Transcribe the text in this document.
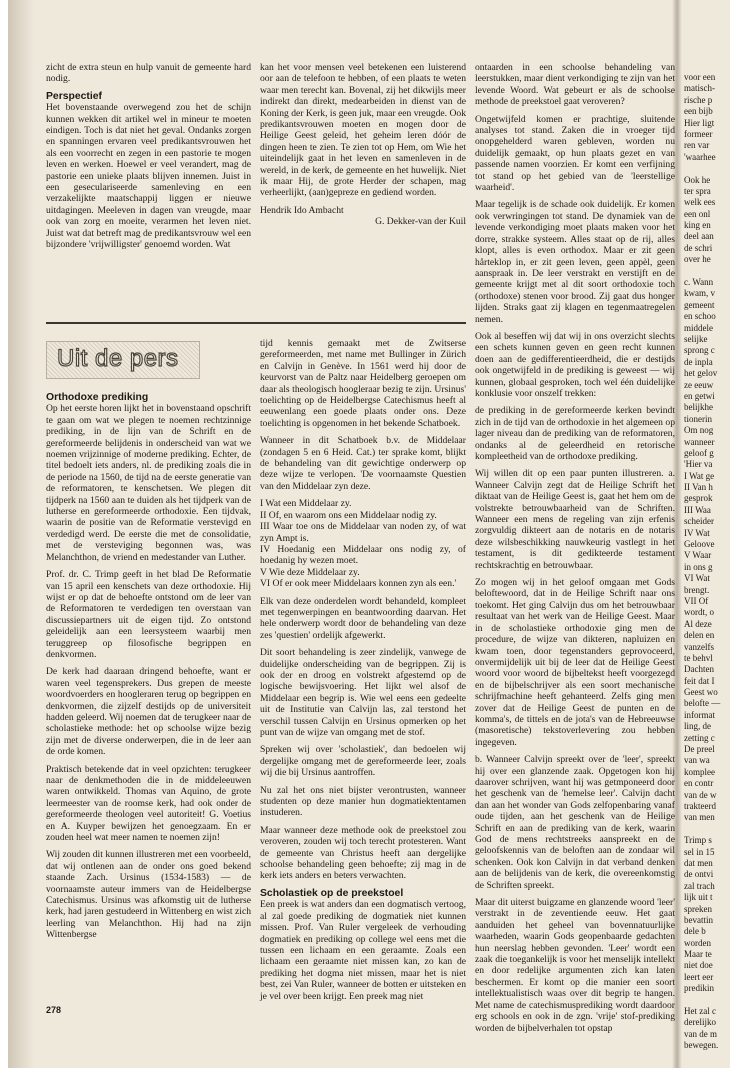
zicht de extra steun en hulp vanuit de gemeente hard nodig.

Perspectief

Het bovenstaande overwegend zou het de schijn kunnen wekken dit artikel wel in mineur te moeten eindigen. Toch is dat niet het geval. Ondanks zorgen en spanningen ervaren veel predikantsvrouwen het als een voorrecht en zegen in een pastorie te mogen leven en werken. Hoewel er veel verandert, mag de pastorie een unieke plaats blijven innemen. Juist in een geseculariseerde samenleving en een verzakelijkte maatschappij liggen er nieuwe uitdagingen. Meeleven in dagen van vreugde, maar ook van zorg en moeite, verarmen het leven niet. Juist wat dat betreft mag de predikantsvrouw wel een bijzondere 'vrijwilligster' genoemd worden. Wat

kan het voor mensen veel betekenen een luisterend oor aan de telefoon te hebben, of een plaats te weten waar men terecht kan. Bovenal, zij het dikwijls meer indirekt dan direkt, medearbeiden in dienst van de Koning der Kerk, is geen juk, maar een vreugde. Ook predikantsvrouwen moeten en mogen door de Heilige Geest geleid, het geheim leren dóór de dingen heen te zien. Te zien tot op Hem, om Wie het uiteindelijk gaat in het leven en samenleven in de wereld, in de kerk, de gemeente en het huwelijk. Niet ik maar Hij, de grote Herder der schapen, mag verheerlijkt, (aan)gepreze en gediend worden.

Hendrik Ido Ambacht

G. Dekker-van der Kuil

Uit de pers
Orthodoxe prediking

Op het eerste horen lijkt het in bovenstaand opschrift te gaan om wat we plegen te noemen rechtzinnige prediking, in de lijn van de Schrift en de gereformeerde belijdenis in onderscheid van wat we noemen vrijzinnige of moderne prediking. Echter, de titel bedoelt iets anders, nl. de prediking zoals die in de periode na 1560, de tijd na de eerste generatie van de reformatoren, te kenschetsen. We plegen dit tijdperk na 1560 aan te duiden als het tijdperk van de lutherse en gereformeerde orthodoxie. Een tijdvak, waarin de positie van de Reformatie verstevigd en verdedigd werd. De eerste die met de consolidatie, met de versteviging begonnen was, was Melanchthon, de vriend en medestander van Luther.

Prof. dr. C. Trimp geeft in het blad De Reformatie van 15 april een kenschets van deze orthodoxie. Hij wijst er op dat de behoefte ontstond om de leer van de Reformatoren te verdedigen ten overstaan van discussiepartners uit de eigen tijd. Zo ontstond geleidelijk aan een leersysteem waarbij men teruggreep op filosofische begrippen en denkvormen.

De kerk had daaraan dringend behoefte, want er waren veel tegensprekers. Dus grepen de meeste woordvoerders en hoogleraren terug op begrippen en denkvormen, die zijzelf destijds op de universiteit hadden geleerd. Wij noemen dat de terugkeer naar de scholastieke methode: het op schoolse wijze bezig zijn met de diverse onderwerpen, die in de leer aan de orde komen.

Praktisch betekende dat in veel opzichten: terugkeer naar de denkmethoden die in de middeleeuwen waren ontwikkeld. Thomas van Aquino, de grote leermeester van de roomse kerk, had ook onder de gereformeerde theologen veel autoriteit! G. Voetius en A. Kuyper bewijzen het genoegzaam. En er zouden heel wat meer namen te noemen zijn!

Wij zouden dit kunnen illustreren met een voorbeeld, dat wij ontlenen aan de onder ons goed bekend staande Zach. Ursinus (1534-1583) — de voornaamste auteur immers van de Heidelbergse Catechismus. Ursinus was afkomstig uit de lutherse kerk, had jaren gestudeerd in Wittenberg en wist zich leerling van Melanchthon. Hij had na zijn Wittenbergse

tijd kennis gemaakt met de Zwitserse gereformeerden, met name met Bullinger in Zürich en Calvijn in Genève. In 1561 werd hij door de keurvorst van de Paltz naar Heidelberg geroepen om daar als theologisch hoogleraar bezig te zijn. Ursinus' toelichting op de Heidelbergse Catechismus heeft al eeuwenlang een goede plaats onder ons. Deze toelichting is opgenomen in het bekende Schatboek.

Wanneer in dit Schatboek b.v. de Middelaar (zondagen 5 en 6 Heid. Cat.) ter sprake komt, blijkt de behandeling van dit gewichtige onderwerp op deze wijze te verlopen. 'De voornaamste Questien van den Middelaar zyn deze.

I Wat een Middelaar zy.
II Of, en waarom ons een Middelaar nodig zy.
III Waar toe ons de Middelaar van noden zy, of wat zyn Ampt is.
IV Hoedanig een Middelaar ons nodig zy, of hoedanig hy wezen moet.
V Wie deze Middelaar zy.

VI Of er ook meer Middelaars konnen zyn als een.'

Elk van deze onderdelen wordt behandeld, kompleet met tegenwerpingen en beantwoording daarvan. Het hele onderwerp wordt door de behandeling van deze zes 'questien' ordelijk afgewerkt.

Dit soort behandeling is zeer zindelijk, vanwege de duidelijke onderscheiding van de begrippen. Zij is ook der en droog en volstrekt afgestemd op de logische bewijsvoering. Het lijkt wel alsof de Middelaar een begrip is. Wie wel eens een gedeelte uit de Institutie van Calvijn las, zal terstond het verschil tussen Calvijn en Ursinus opmerken op het punt van de wijze van omgang met de stof.

Spreken wij over 'scholastiek', dan bedoelen wij dergelijke omgang met de gereformeerde leer, zoals wij die bij Ursinus aantroffen.

Nu zal het ons niet bijster verontrusten, wanneer studenten op deze manier hun dogmatiektentamen instuderen.

Maar wanneer deze methode ook de preekstoel zou veroveren, zouden wij toch terecht protesteren. Want de gemeente van Christus heeft aan dergelijke schoolse behandeling geen behoefte; zij mag in de kerk iets anders en beters verwachten.

Scholastiek op de preekstoel

Een preek is wat anders dan een dogmatisch vertoog, al zal goede prediking de dogmatiek niet kunnen missen. Prof. Van Ruler vergeleek de verhouding dogmatiek en prediking op college wel eens met die tussen een lichaam en een geraamte. Zoals een lichaam een geraamte niet missen kan, zo kan de prediking het dogma niet missen, maar het is niet best, zei Van Ruler, wanneer de botten er uitsteken en je vel over been krijgt. Een preek mag niet

ontaarden in een schoolse behandeling van leerstukken, maar dient verkondiging te zijn van het levende Woord. Wat gebeurt er als de schoolse methode de preekstoel gaat veroveren?

Ongetwijfeld komen er prachtige, sluitende analyses tot stand. Zaken die in vroeger tijd onopgehelderd waren gebleven, worden nu duidelijk gemaakt, op hun plaats gezet en van passende namen voorzien. Er komt een verfijning tot stand op het gebied van de 'leerstellige waarheid'.

Maar tegelijk is de schade ook duidelijk. Er komen ook verwringingen tot stand. De dynamiek van de levende verkondiging moet plaats maken voor het dorre, strakke systeem. Alles staat op de rij, alles klopt, alles is even orthodox. Maar er zit geen hårteklop in, er zit geen leven, geen appèl, geen aanspraak in. De leer verstrakt en verstijft en de gemeente krijgt met al dit soort orthodoxie toch (orthodoxe) stenen voor brood. Zij gaat dus honger lijden. Straks gaat zij klagen en tegenmaatregelen nemen.

Ook al beseffen wij dat wij in ons overzicht slechts een schets kunnen geven en geen recht kunnen doen aan de gedifferentieerdheid, die er destijds ook ongetwijfeld in de prediking is geweest — wij kunnen, globaal gesproken, toch wel één duidelijke konklusie voor onszelf trekken:

de prediking in de gereformeerde kerken bevindt zich in de tijd van de orthodoxie in het algemeen op lager niveau dan de prediking van de reformatoren, ondanks al de geleerdheid en retorische kompleetheid van de orthodoxe prediking.

Wij willen dit op een paar punten illustreren. a. Wanneer Calvijn zegt dat de Heilige Schrift het diktaat van de Heilige Geest is, gaat het hem om de volstrekte betrouwbaarheid van de Schriften. Wanneer een mens de regeling van zijn erfenis zorgvuldig dikteert aan de notaris en de notaris deze wilsbeschikking nauwkeurig vastlegt in het testament, is dit gedikteerde testament rechtskrachtig en betrouwbaar.

Zo mogen wij in het geloof omgaan met Gods beloftewoord, dat in de Heilige Schrift naar ons toekomt. Het ging Calvijn dus om het betrouwbaar resultaat van het werk van de Heilige Geest. Maar in de scholastieke orthodoxie ging men de procedure, de wijze van dikteren, napluizen en kwam toen, door tegenstanders geprovoceerd, onvermijdelijk uit bij de leer dat de Heilige Geest woord voor woord de bijbeltekst heeft voorgezegd en de bijbelschrijver als een soort mechanische schrijfmachine heeft gehanteerd. Zelfs ging men zover dat de Heilige Geest de punten en de komma's, de tittels en de jota's van de Hebreeuwse (masoretische) tekstoverlevering zou hebben ingegeven.

b. Wanneer Calvijn spreekt over de 'leer', spreekt hij over een glanzende zaak. Opgetogen kon hij daarover schrijven, want hij was getmponeerd door het geschenk van de 'hemelse leer'. Calvijn dacht dan aan het wonder van Gods zelfopenbaring vanaf oude tijden, aan het geschenk van de Heilige Schrift en aan de prediking van de kerk, waarin God de mens rechtstreeks aanspreekt en de geloofskennis van de beloften aan de zondaar wil schenken. Ook kon Calvijn in dat verband denken aan de belijdenis van de kerk, die overeenkomstig de Schriften spreekt.

Maar dit uiterst buigzame en glanzende woord 'leer' verstrakt in de zeventiende eeuw. Het gaat aanduiden het geheel van bovennatuurlijke waarheden, waarin Gods geopenbaarde gedachten hun neerslag hebben gevonden. 'Leer' wordt een zaak die toegankelijk is voor het menselijk intellekt en door redelijke argumenten zich kan laten beschermen. Er komt op die manier een soort intellektualistisch waas over dit begrip te hangen. Met name de catechismusprediking wordt daardoor erg schools en ook in de zgn. 'vrije' stof-prediking worden de bijbelverhalen tot opstap

voor een
matisch-
rische p
een bijb
Hier ligt
formeer
ren var
'waarhee
Ook he
ter spra
welk ees
een onl
king en
deel aan
de schri
over he
c. Wann
kwam, v
gemeent
en schoo
middele
selijke
sprong c
de inpla
het gelov
ze eeuw
en getwi
belijkhe
tionerin
Om nog
wanneer
geloof g
'Hier va
I Wat ge
II Van h
gesprok
III Waa
scheider
IV Wat
Geloove
V Waar
in ons g
VI Wat
brengt.
VII Of
wordt, o
Al deze
delen en
vanzelfs
te behvl
Dachten
feit dat I
Geest wo
belofte —
informat
ling, de
zetting c
De preel
van wa
komplee
en contr
van de w
trakteerd
van men
Trimp s
sel in 15
dat men
de ontvi
zal trach
lijk uit t
spreken
bevattin
dele b
worden
Maar te
niet doe
leert eer
predikin
Het zal c
derelijko
van de m
bewegen.
278
